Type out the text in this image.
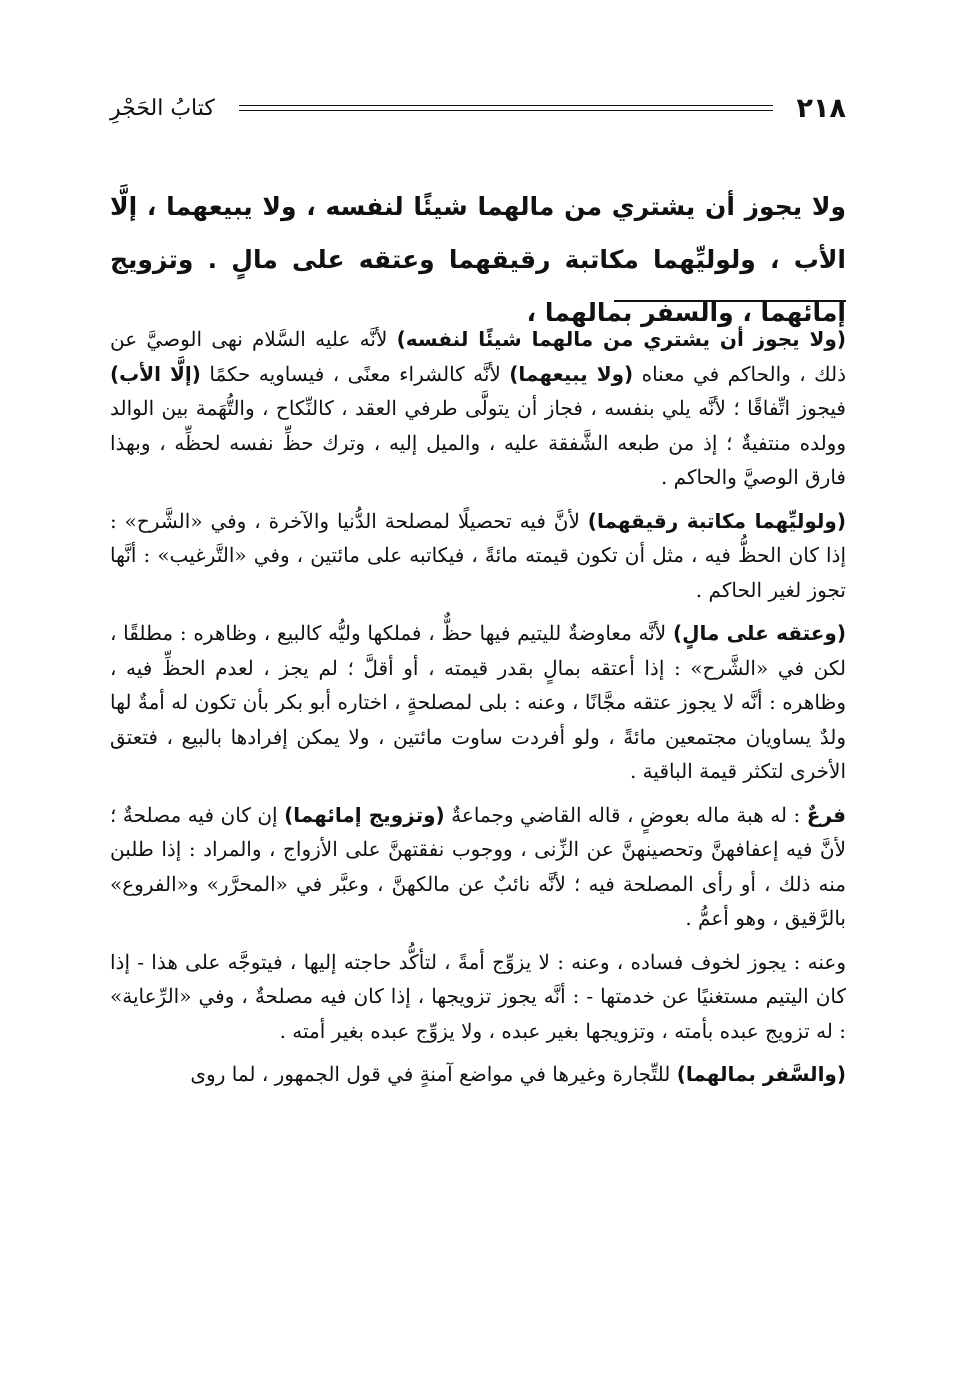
٢١٨
كتابُ الحَجْرِ
ولا يجوز أن يشتري من مالهما شيئًا لنفسه ، ولا يبيعهما ، إلَّا الأب ، ولوليِّهما مكاتبة رقيقهما وعتقه على مالٍ . وتزويج إمائهما ، والسفر بمالهما ،

(ولا يجوز أن يشتري من مالهما شيئًا لنفسه) لأنَّه عليه السَّلام نهى الوصيَّ عن ذلك ، والحاكم في معناه (ولا يبيعهما) لأنَّه كالشراء معنًى ، فيساويه حكمًا (إلَّا الأب) فيجوز اتِّفاقًا ؛ لأنَّه يلي بنفسه ، فجاز أن يتولَّى طرفي العقد ، كالنِّكاح ، والتُّهَمة بين الوالد وولده منتفيةٌ ؛ إذ من طبعه الشَّفقة عليه ، والميل إليه ، وترك حظِّ نفسه لحظِّه ، وبهذا فارق الوصيَّ والحاكم .

(ولوليِّهما مكاتبة رقيقهما) لأنَّ فيه تحصيلًا لمصلحة الدُّنيا والآخرة ، وفي «الشَّرح» : إذا كان الحظُّ فيه ، مثل أن تكون قيمته مائةً ، فيكاتبه على مائتين ، وفي «التَّرغيب» : أنَّها تجوز لغير الحاكم .

(وعتقه على مالٍ) لأنَّه معاوضةٌ لليتيم فيها حظٌّ ، فملكها وليُّه كالبيع ، وظاهره : مطلقًا ، لكن في «الشَّرح» : إذا أعتقه بمالٍ بقدر قيمته ، أو أقلَّ ؛ لم يجز ، لعدم الحظِّ فيه ، وظاهره : أنَّه لا يجوز عتقه مجَّانًا ، وعنه : بلى لمصلحةٍ ، اختاره أبو بكر بأن تكون له أمةٌ لها ولدٌ يساويان مجتمعين مائةً ، ولو أفردت ساوت مائتين ، ولا يمكن إفرادها بالبيع ، فتعتق الأخرى لتكثر قيمة الباقية .

فرعٌ : له هبة ماله بعوضٍ ، قاله القاضي وجماعةٌ (وتزويج إمائهما) إن كان فيه مصلحةٌ ؛ لأنَّ فيه إعفافهنَّ وتحصينهنَّ عن الزِّنى ، ووجوب نفقتهنَّ على الأزواج ، والمراد : إذا طلبن منه ذلك ، أو رأى المصلحة فيه ؛ لأنَّه نائبٌ عن مالكهنَّ ، وعبَّر في «المحرَّر» و«الفروع» بالرَّقيق ، وهو أعمُّ .

وعنه : يجوز لخوف فساده ، وعنه : لا يزوِّج أمةً ، لتأكُّد حاجته إليها ، فيتوجَّه على هذا - إذا كان اليتيم مستغنيًا عن خدمتها - : أنَّه يجوز تزويجها ، إذا كان فيه مصلحةٌ ، وفي «الرِّعاية» : له تزويج عبده بأمته ، وتزويجها بغير عبده ، ولا يزوِّج عبده بغير أمته .

(والسَّفر بمالهما) للتِّجارة وغيرها في مواضع آمنةٍ في قول الجمهور ، لما روى
